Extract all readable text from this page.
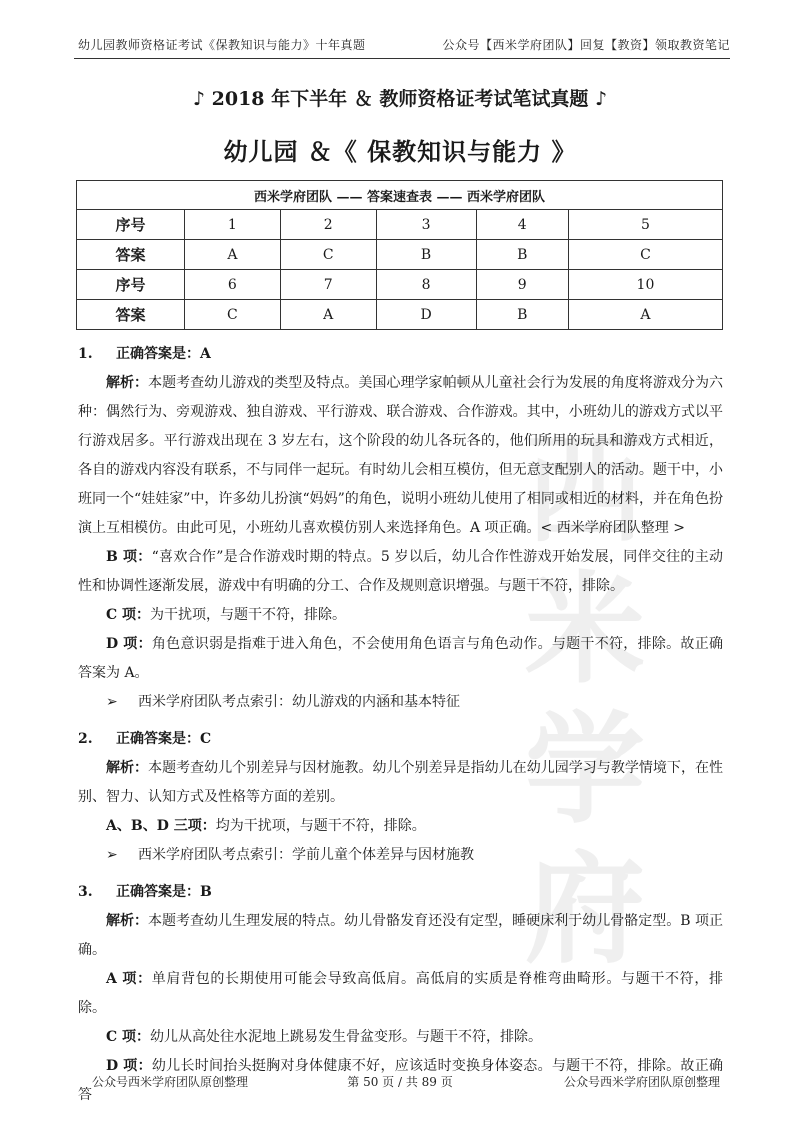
幼儿园教师资格证考试《保教知识与能力》十年真题	公众号【西米学府团队】回复【教资】领取教资笔记
西米
学府
♪ 2018 年下半年 ＆ 教师资格证考试笔试真题 ♪
幼儿园 ＆《 保教知识与能力 》
西米学府团队 —— 答案速查表 —— 西米学府团队					
序号	1	2	3	4	5
答案	A	C	B	B	C
序号	6	7	8	9	10
答案	C	A	D	B	A

1. 正确答案是：A

解析：本题考查幼儿游戏的类型及特点。美国心理学家帕顿从儿童社会行为发展的角度将游戏分为六种：偶然行为、旁观游戏、独自游戏、平行游戏、联合游戏、合作游戏。其中，小班幼儿的游戏方式以平行游戏居多。平行游戏出现在 3 岁左右，这个阶段的幼儿各玩各的，他们所用的玩具和游戏方式相近，各自的游戏内容没有联系，不与同伴一起玩。有时幼儿会相互模仿，但无意支配别人的活动。题干中，小班同一个“娃娃家”中，许多幼儿扮演“妈妈”的角色，说明小班幼儿使用了相同或相近的材料，并在角色扮演上互相模仿。由此可见，小班幼儿喜欢模仿别人来选择角色。A 项正确。< 西米学府团队整理 >

B 项：“喜欢合作”是合作游戏时期的特点。5 岁以后，幼儿合作性游戏开始发展，同伴交往的主动性和协调性逐渐发展，游戏中有明确的分工、合作及规则意识增强。与题干不符，排除。

C 项：为干扰项，与题干不符，排除。

D 项：角色意识弱是指难于进入角色，不会使用角色语言与角色动作。与题干不符，排除。故正确答案为 A。

➢ 西米学府团队考点索引：幼儿游戏的内涵和基本特征

2. 正确答案是：C

解析：本题考查幼儿个别差异与因材施教。幼儿个别差异是指幼儿在幼儿园学习与教学情境下，在性别、智力、认知方式及性格等方面的差别。

A、B、D 三项：均为干扰项，与题干不符，排除。

➢ 西米学府团队考点索引：学前儿童个体差异与因材施教

3. 正确答案是：B

解析：本题考查幼儿生理发展的特点。幼儿骨骼发育还没有定型，睡硬床利于幼儿骨骼定型。B 项正确。

A 项：单肩背包的长期使用可能会导致高低肩。高低肩的实质是脊椎弯曲畸形。与题干不符，排除。

C 项：幼儿从高处往水泥地上跳易发生骨盆变形。与题干不符，排除。

D 项：幼儿长时间抬头挺胸对身体健康不好，应该适时变换身体姿态。与题干不符，排除。故正确答

公众号西米学府团队原创整理	第 50 页 / 共 89 页	公众号西米学府团队原创整理
